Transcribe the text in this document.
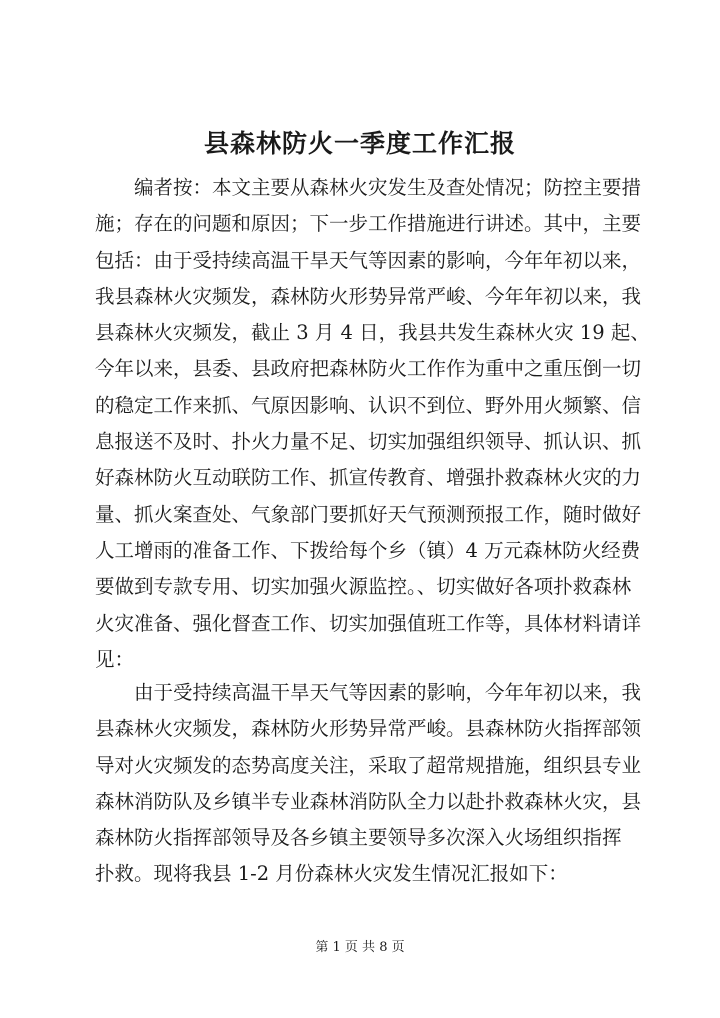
县森林防火一季度工作汇报
编者按：本文主要从森林火灾发生及查处情况；防控主要措
施；存在的问题和原因；下一步工作措施进行讲述。其中，主要
包括：由于受持续高温干旱天气等因素的影响，今年年初以来，
我县森林火灾频发，森林防火形势异常严峻、今年年初以来，我
县森林火灾频发，截止 3 月 4 日，我县共发生森林火灾 19 起、
今年以来，县委、县政府把森林防火工作作为重中之重压倒一切
的稳定工作来抓、气原因影响、认识不到位、野外用火频繁、信
息报送不及时、扑火力量不足、切实加强组织领导、抓认识、抓
好森林防火互动联防工作、抓宣传教育、增强扑救森林火灾的力
量、抓火案查处、气象部门要抓好天气预测预报工作，随时做好
人工增雨的准备工作、下拨给每个乡（镇）4 万元森林防火经费
要做到专款专用、切实加强火源监控。、切实做好各项扑救森林
火灾准备、强化督查工作、切实加强值班工作等，具体材料请详
见：
由于受持续高温干旱天气等因素的影响，今年年初以来，我
县森林火灾频发，森林防火形势异常严峻。县森林防火指挥部领
导对火灾频发的态势高度关注，采取了超常规措施，组织县专业
森林消防队及乡镇半专业森林消防队全力以赴扑救森林火灾，县
森林防火指挥部领导及各乡镇主要领导多次深入火场组织指挥
扑救。现将我县 1-2 月份森林火灾发生情况汇报如下：
第 1 页 共 8 页
